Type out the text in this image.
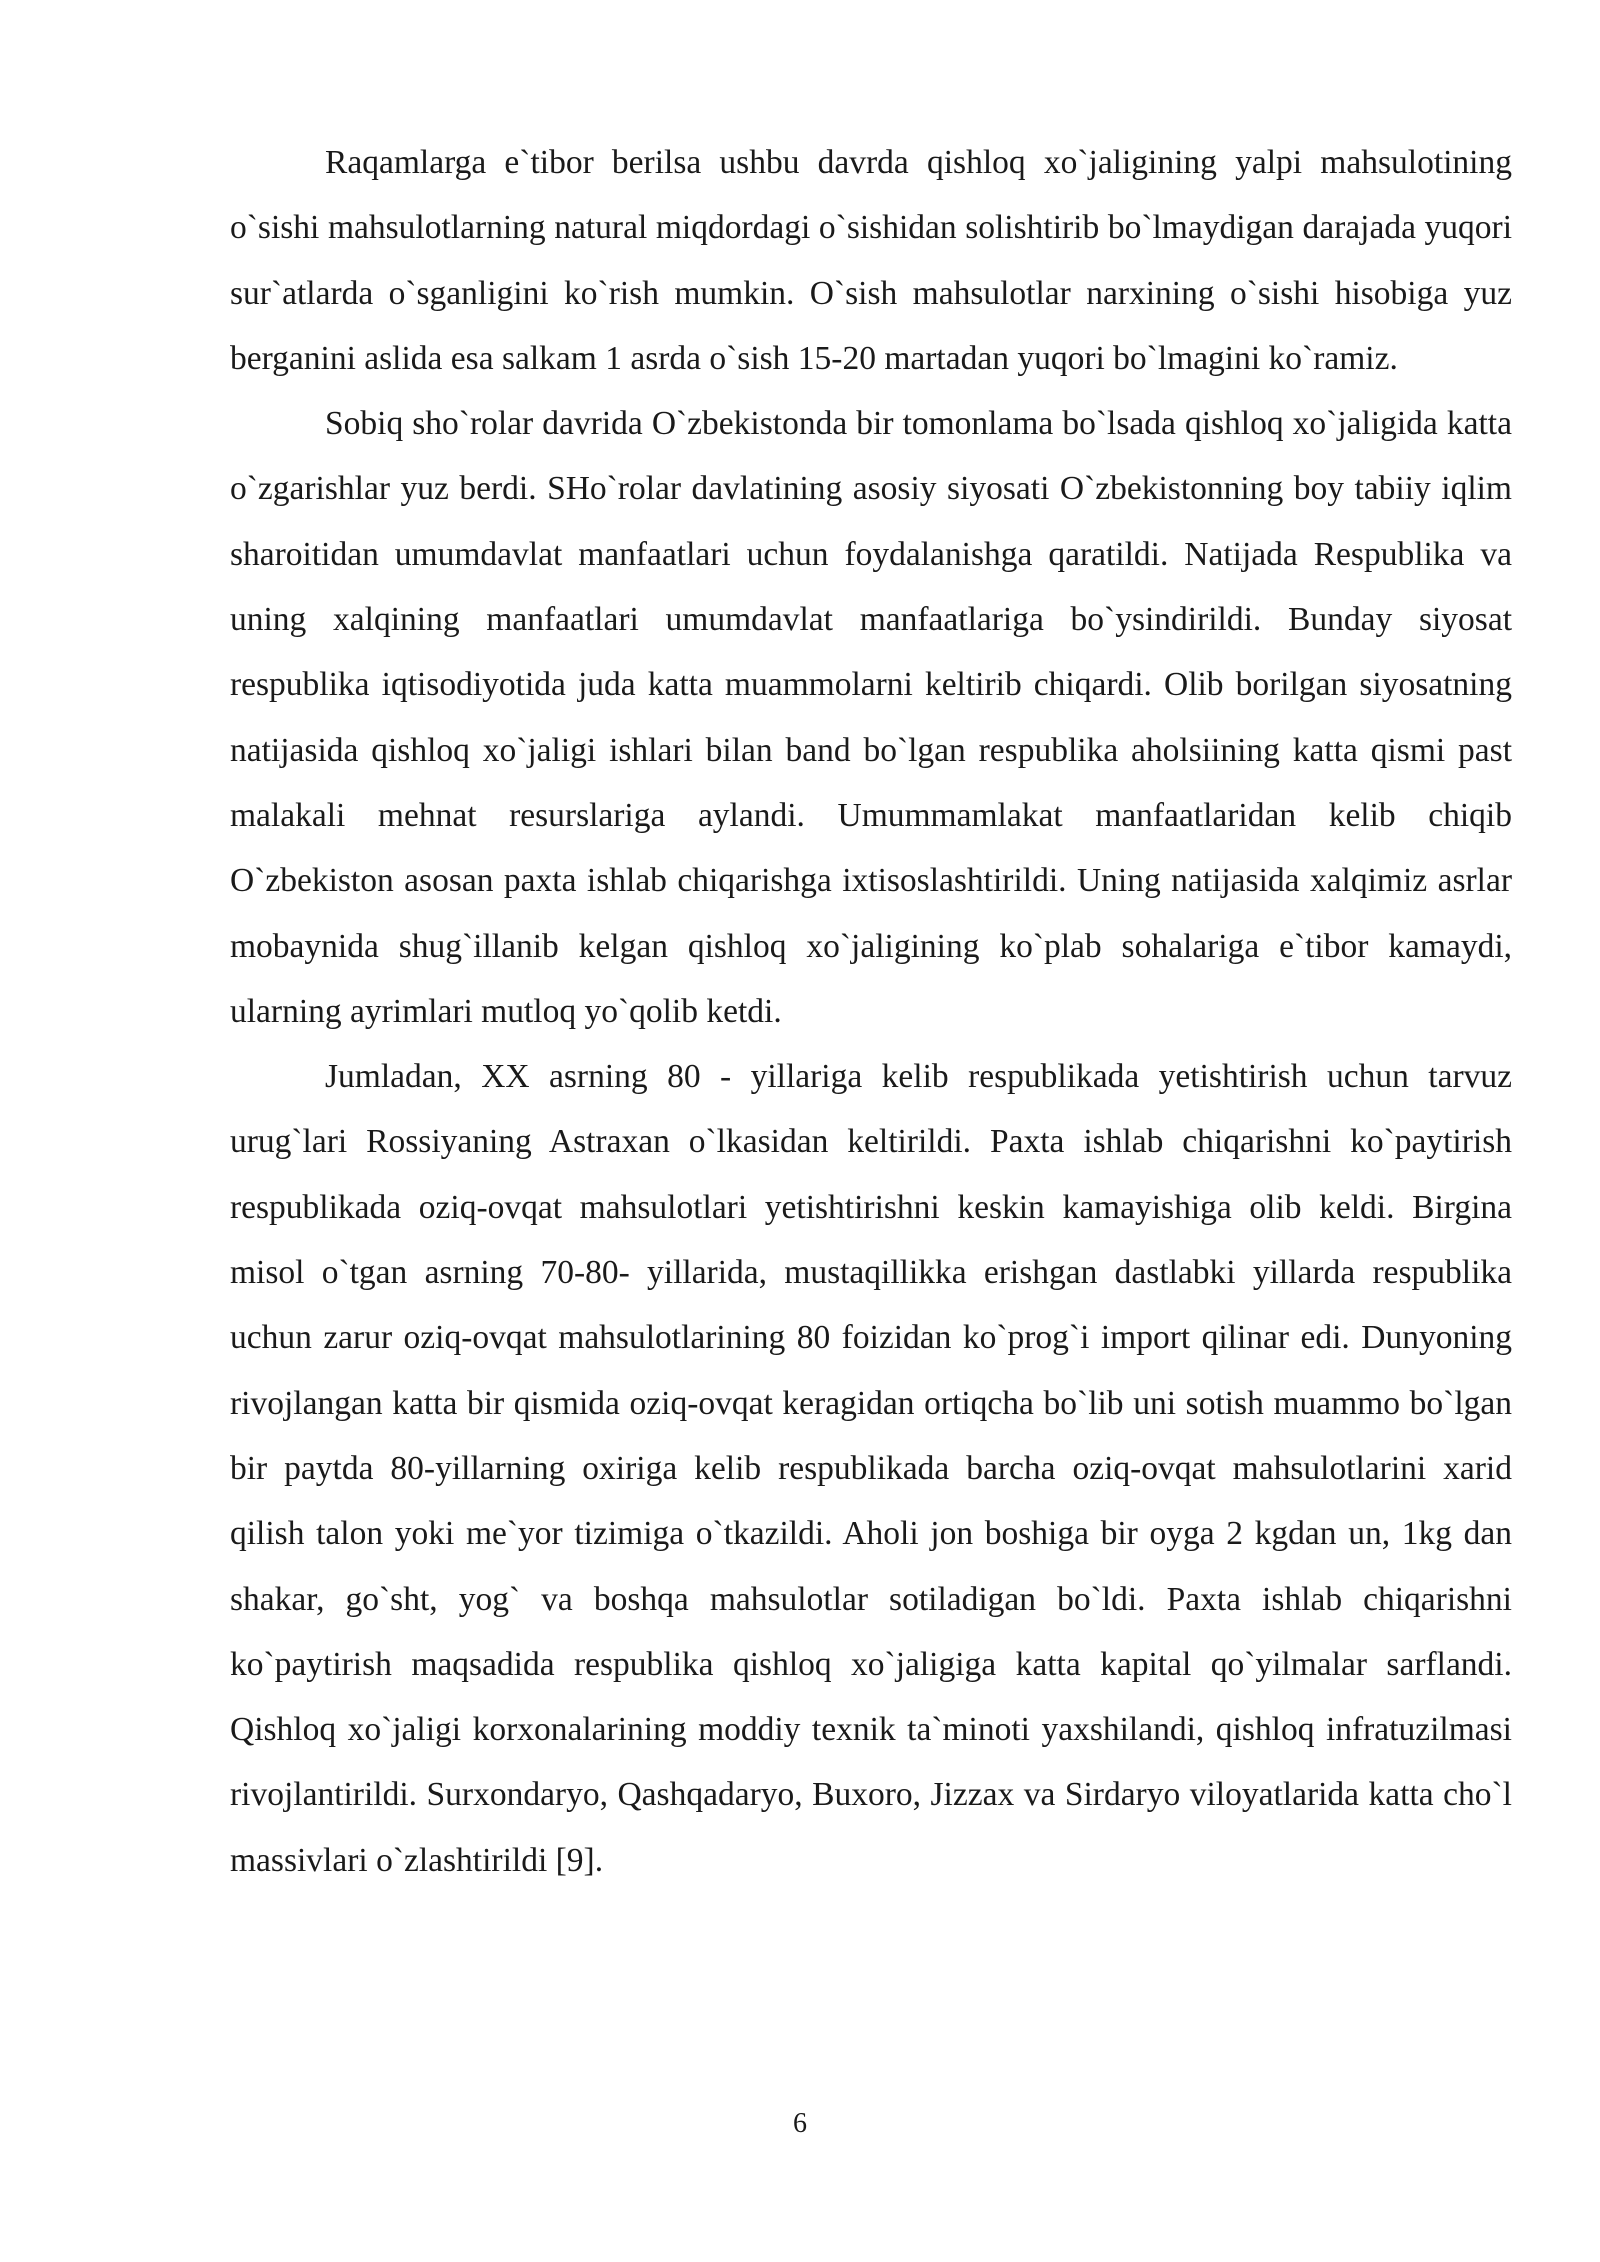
Raqamlarga e`tibor berilsa ushbu davrda qishloq xo`jaligining yalpi mahsulotining o`sishi mahsulotlarning natural miqdordagi o`sishidan solishtirib bo`lmaydigan darajada yuqori sur`atlarda o`sganligini ko`rish mumkin. O`sish mahsulotlar narxining o`sishi hisobiga yuz berganini aslida esa salkam 1 asrda o`sish 15-20 martadan yuqori bo`lmagini ko`ramiz.

Sobiq sho`rolar davrida O`zbekistonda bir tomonlama bo`lsada qishloq xo`jaligida katta o`zgarishlar yuz berdi. SHo`rolar davlatining asosiy siyosati O`zbekistonning boy tabiiy iqlim sharoitidan umumdavlat manfaatlari uchun foydalanishga qaratildi. Natijada Respublika va uning xalqining manfaatlari umumdavlat manfaatlariga bo`ysindirildi. Bunday siyosat respublika iqtisodiyotida juda katta muammolarni keltirib chiqardi. Olib borilgan siyosatning natijasida qishloq xo`jaligi ishlari bilan band bo`lgan respublika aholsiining katta qismi past malakali mehnat resurslariga aylandi. Umummamlakat manfaatlaridan kelib chiqib O`zbekiston asosan paxta ishlab chiqarishga ixtisoslashtirildi. Uning natijasida xalqimiz asrlar mobaynida shug`illanib kelgan qishloq xo`jaligining ko`plab sohalariga e`tibor kamaydi, ularning ayrimlari mutloq yo`qolib ketdi.

Jumladan, XX asrning 80 - yillariga kelib respublikada yetishtirish uchun tarvuz urug`lari Rossiyaning Astraxan o`lkasidan keltirildi. Paxta ishlab chiqarishni ko`paytirish respublikada oziq-ovqat mahsulotlari yetishtirishni keskin kamayishiga olib keldi. Birgina misol o`tgan asrning 70-80- yillarida, mustaqillikka erishgan dastlabki yillarda respublika uchun zarur oziq-ovqat mahsulotlarining 80 foizidan ko`prog`i import qilinar edi. Dunyoning rivojlangan katta bir qismida oziq-ovqat keragidan ortiqcha bo`lib uni sotish muammo bo`lgan bir paytda 80-yillarning oxiriga kelib respublikada barcha oziq-ovqat mahsulotlarini xarid qilish talon yoki me`yor tizimiga o`tkazildi. Aholi jon boshiga bir oyga 2 kgdan un, 1kg dan shakar, go`sht, yog` va boshqa mahsulotlar sotiladigan bo`ldi. Paxta ishlab chiqarishni ko`paytirish maqsadida respublika qishloq xo`jaligiga katta kapital qo`yilmalar sarflandi. Qishloq xo`jaligi korxonalarining moddiy texnik ta`minoti yaxshilandi, qishloq infratuzilmasi rivojlantirildi. Surxondaryo, Qashqadaryo, Buxoro, Jizzax va Sirdaryo viloyatlarida katta cho`l massivlari o`zlashtirildi [9].

6
